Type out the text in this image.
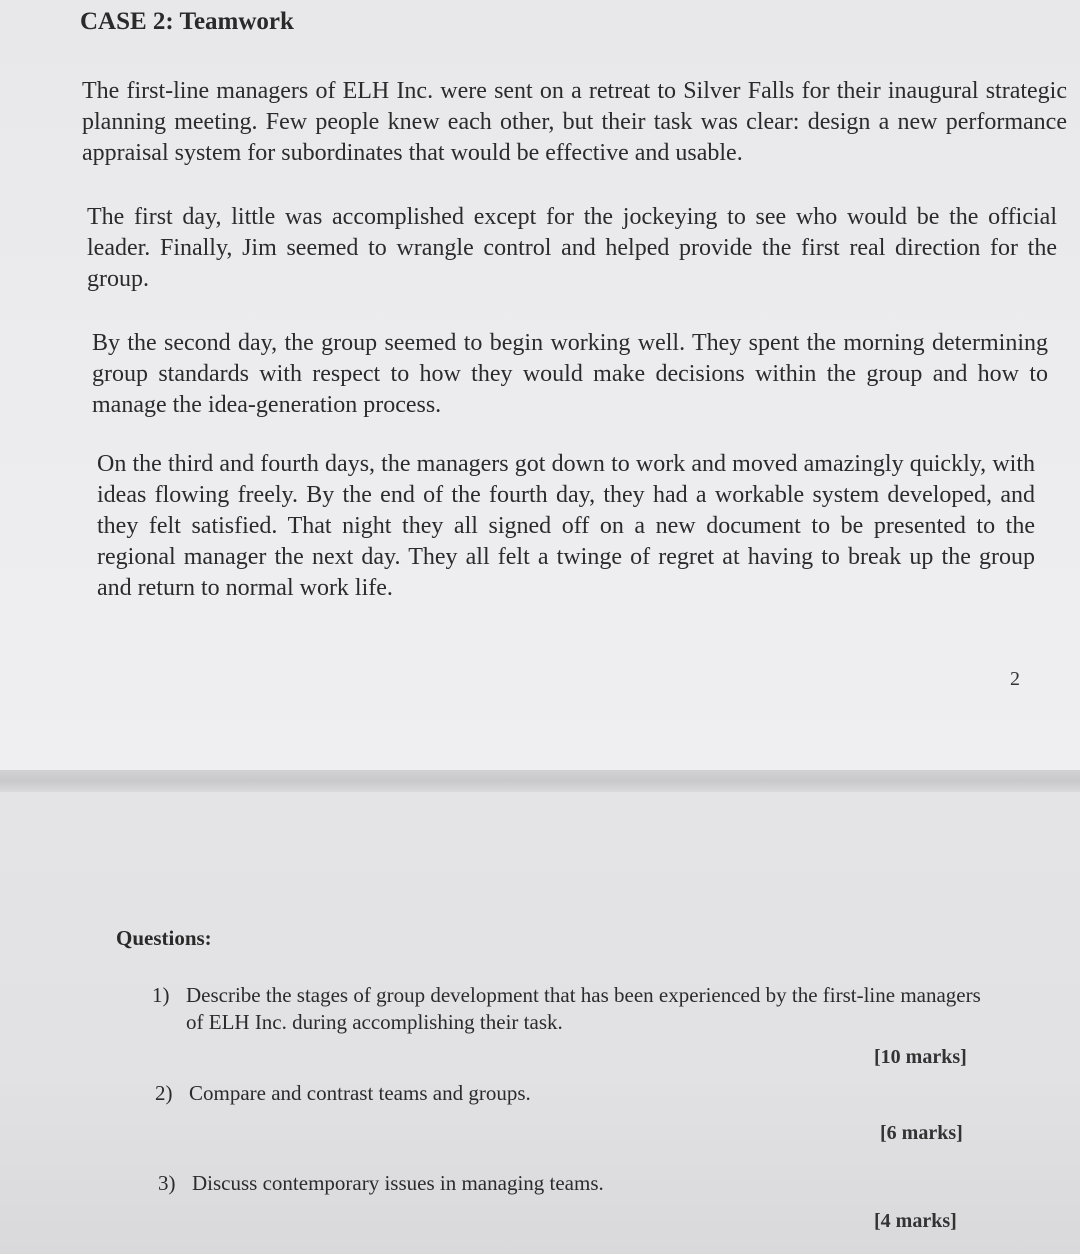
CASE 2: Teamwork

The first-line managers of ELH Inc. were sent on a retreat to Silver Falls for their inaugural strategic planning meeting. Few people knew each other, but their task was clear: design a new performance appraisal system for subordinates that would be effective and usable.

The first day, little was accomplished except for the jockeying to see who would be the official leader. Finally, Jim seemed to wrangle control and helped provide the first real direction for the group.

By the second day, the group seemed to begin working well. They spent the morning determining group standards with respect to how they would make decisions within the group and how to manage the idea-generation process.

On the third and fourth days, the managers got down to work and moved amazingly quickly, with ideas flowing freely. By the end of the fourth day, they had a workable system developed, and they felt satisfied. That night they all signed off on a new document to be presented to the regional manager the next day. They all felt a twinge of regret at having to break up the group and return to normal work life.

2
Questions:
1) Describe the stages of group development that has been experienced by the first-line managers of ELH Inc. during accomplishing their task.
[10 marks]
2) Compare and contrast teams and groups.
[6 marks]
3) Discuss contemporary issues in managing teams.
[4 marks]
